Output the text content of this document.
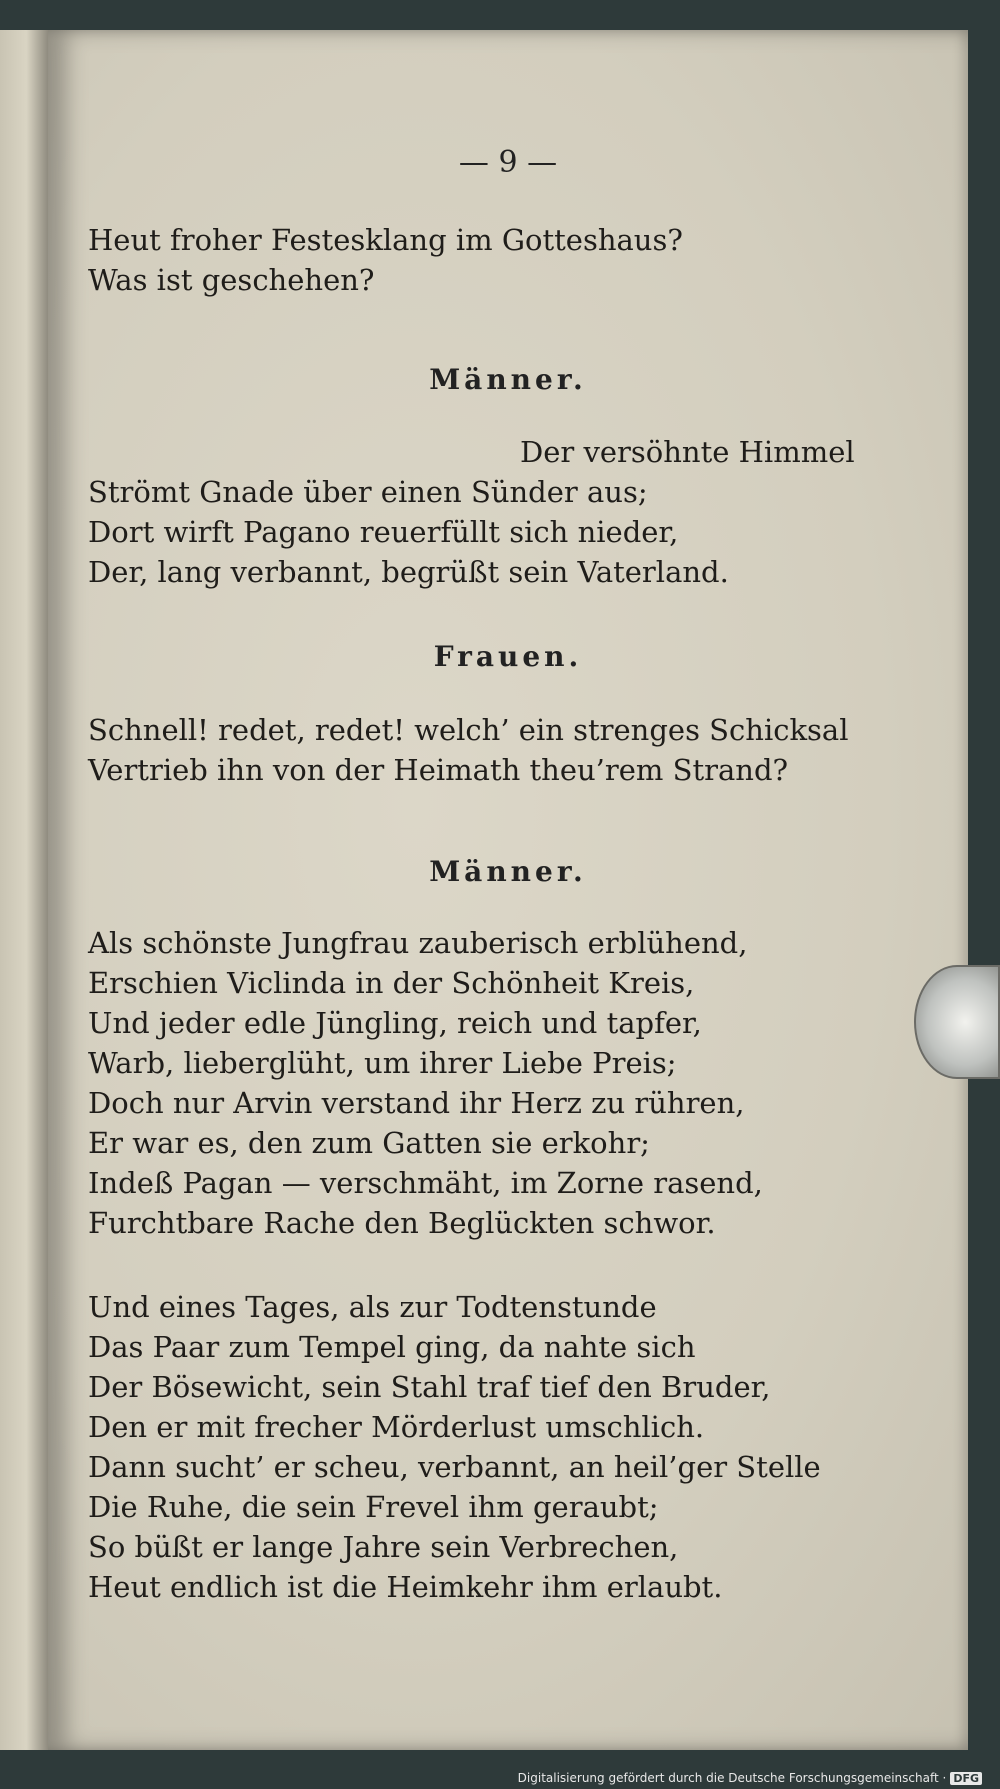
— 9 —
Heut froher Festesklang im Gotteshaus?
Was ist geschehen?
Männer.
Der versöhnte Himmel
Strömt Gnade über einen Sünder aus;
Dort wirft Pagano reuerfüllt sich nieder,
Der, lang verbannt, begrüßt sein Vaterland.
Frauen.
Schnell! redet, redet! welch’ ein strenges Schicksal
Vertrieb ihn von der Heimath theu’rem Strand?
Männer.
Als schönste Jungfrau zauberisch erblühend,
Erschien Viclinda in der Schönheit Kreis,
Und jeder edle Jüngling, reich und tapfer,
Warb, lieberglüht, um ihrer Liebe Preis;
Doch nur Arvin verstand ihr Herz zu rühren,
Er war es, den zum Gatten sie erkohr;
Indeß Pagan — verschmäht, im Zorne rasend,
Furchtbare Rache den Beglückten schwor.
Und eines Tages, als zur Todtenstunde
Das Paar zum Tempel ging, da nahte sich
Der Bösewicht, sein Stahl traf tief den Bruder,
Den er mit frecher Mörderlust umschlich.
Dann sucht’ er scheu, verbannt, an heil’ger Stelle
Die Ruhe, die sein Frevel ihm geraubt;
So büßt er lange Jahre sein Verbrechen,
Heut endlich ist die Heimkehr ihm erlaubt.
Digitalisierung gefördert durch die Deutsche Forschungsgemeinschaft · DFG
